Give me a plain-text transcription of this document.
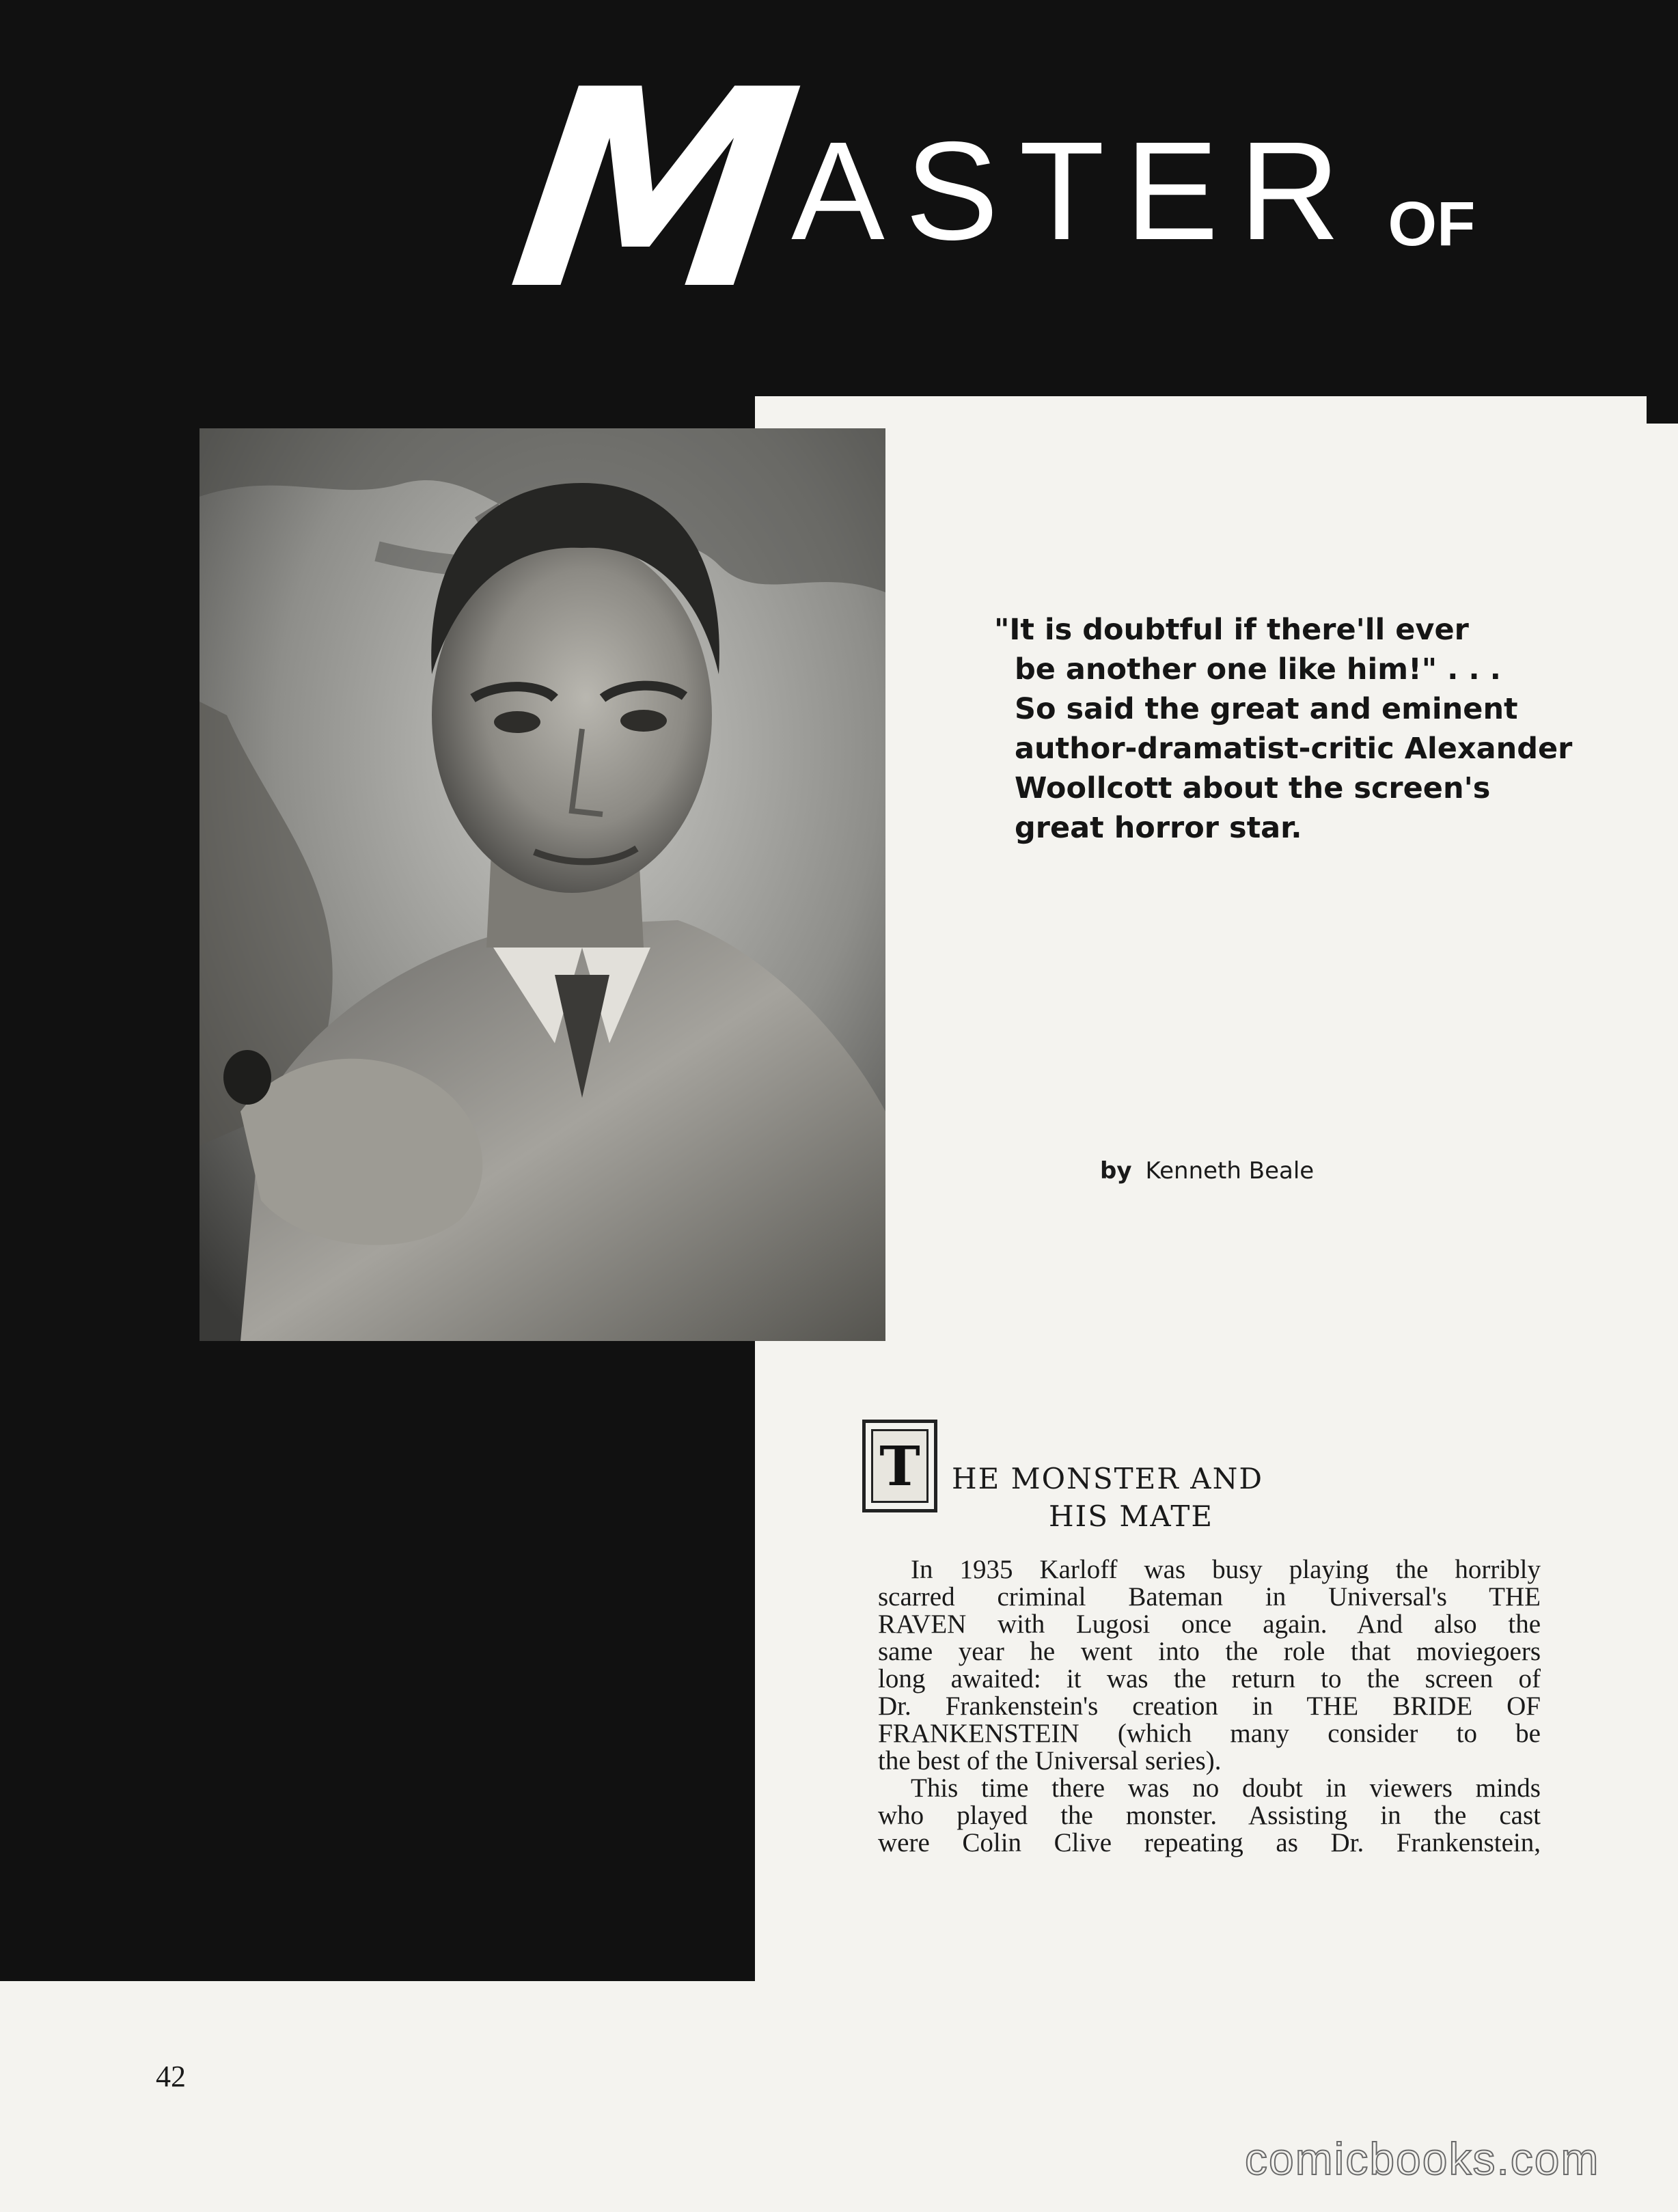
M
ASTER OF
"It is doubtful if there'll ever
be another one like him!" . . .
So said the great and eminent
author-dramatist-critic Alexander
Woollcott about the screen's
great horror star.
by Kenneth Beale
T HE MONSTER AND
HIS MATE
In 1935 Karloff was busy playing the horribly
scarred criminal Bateman in Universal's THE
RAVEN with Lugosi once again. And also the
same year he went into the role that moviegoers
long awaited: it was the return to the screen of
Dr. Frankenstein's creation in THE BRIDE OF
FRANKENSTEIN (which many consider to be
the best of the Universal series).
This time there was no doubt in viewers minds
who played the monster. Assisting in the cast
were Colin Clive repeating as Dr. Frankenstein,
42
comicbooks.com
